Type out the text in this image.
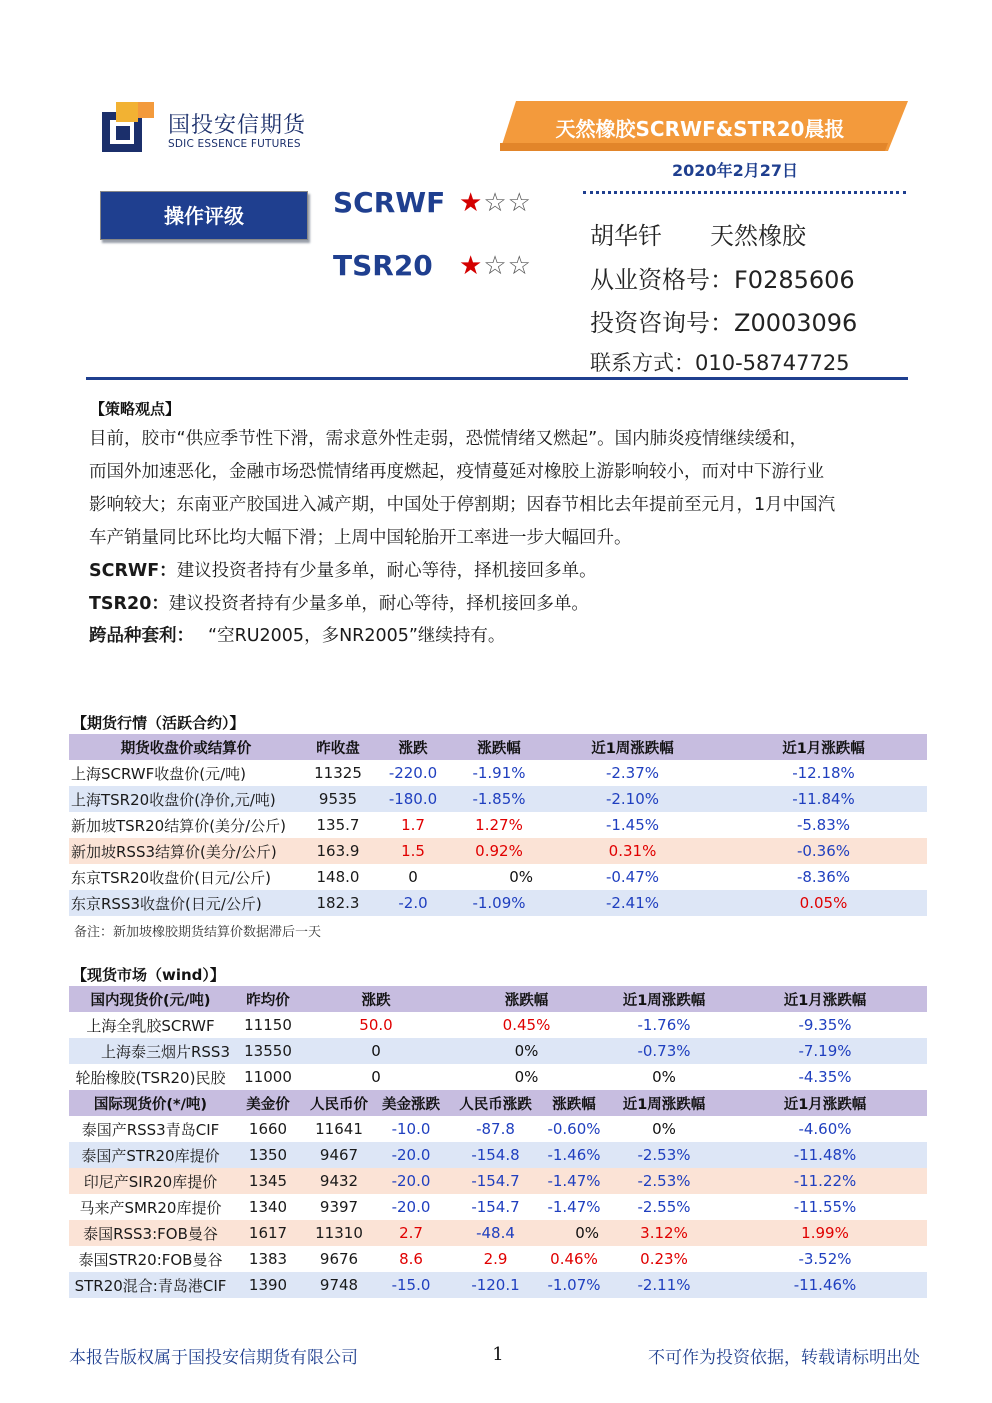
国投安信期货
SDIC ESSENCE FUTURES
天然橡胶SCRWF&STR20晨报
2020年2月27日
操作评级	SCRWF ★☆☆
TSR20 ★☆☆
胡华钎　　天然橡胶
从业资格号：F0285606
投资咨询号：Z0003096
联系方式：010-58747725
【策略观点】
目前，胶市“供应季节性下滑，需求意外性走弱，恐慌情绪又燃起”。国内肺炎疫情继续缓和，
而国外加速恶化，金融市场恐慌情绪再度燃起，疫情蔓延对橡胶上游影响较小，而对中下游行业
影响较大；东南亚产胶国进入减产期，中国处于停割期；因春节相比去年提前至元月，1月中国汽
车产销量同比环比均大幅下滑；上周中国轮胎开工率进一步大幅回升。
SCRWF：建议投资者持有少量多单，耐心等待，择机接回多单。
TSR20：建议投资者持有少量多单，耐心等待，择机接回多单。
跨品种套利： “空RU2005，多NR2005”继续持有。
【期货行情（活跃合约）】
期货收盘价或结算价	昨收盘	涨跌	涨跌幅	近1周涨跌幅	近1月涨跌幅
上海SCRWF收盘价(元/吨)	11325	-220.0	-1.91%	-2.37%	-12.18%
上海TSR20收盘价(净价,元/吨)	9535	-180.0	-1.85%	-2.10%	-11.84%
新加坡TSR20结算价(美分/公斤)	135.7	1.7	1.27%	-1.45%	-5.83%
新加坡RSS3结算价(美分/公斤)	163.9	1.5	0.92%	0.31%	-0.36%
东京TSR20收盘价(日元/公斤)	148.0	0	0%	-0.47%	-8.36%
东京RSS3收盘价(日元/公斤)	182.3	-2.0	-1.09%	-2.41%	0.05%
备注：新加坡橡胶期货结算价数据滞后一天
【现货市场（wind）】
国内现货价(元/吨)	昨均价	涨跌		涨跌幅		近1周涨跌幅	近1月涨跌幅
上海全乳胶SCRWF	11150	50.0		0.45%		-1.76%	-9.35%
上海泰三烟片RSS3	13550	0		0%		-0.73%	-7.19%
轮胎橡胶(TSR20)民胶	11000	0		0%		0%	-4.35%
国际现货价(*/吨)	美金价	人民币价	美金涨跌	人民币涨跌	涨跌幅	近1周涨跌幅	近1月涨跌幅
泰国产RSS3青岛CIF	1660	11641	-10.0	-87.8	-0.60%	0%	-4.60%
泰国产STR20库提价	1350	9467	-20.0	-154.8	-1.46%	-2.53%	-11.48%
印尼产SIR20库提价	1345	9432	-20.0	-154.7	-1.47%	-2.53%	-11.22%
马来产SMR20库提价	1340	9397	-20.0	-154.7	-1.47%	-2.55%	-11.55%
泰国RSS3:FOB曼谷	1617	11310	2.7	-48.4	0%	3.12%	1.99%
泰国STR20:FOB曼谷	1383	9676	8.6	2.9	0.46%	0.23%	-3.52%
STR20混合:青岛港CIF	1390	9748	-15.0	-120.1	-1.07%	-2.11%	-11.46%
本报告版权属于国投安信期货有限公司	1	不可作为投资依据，转载请标明出处
